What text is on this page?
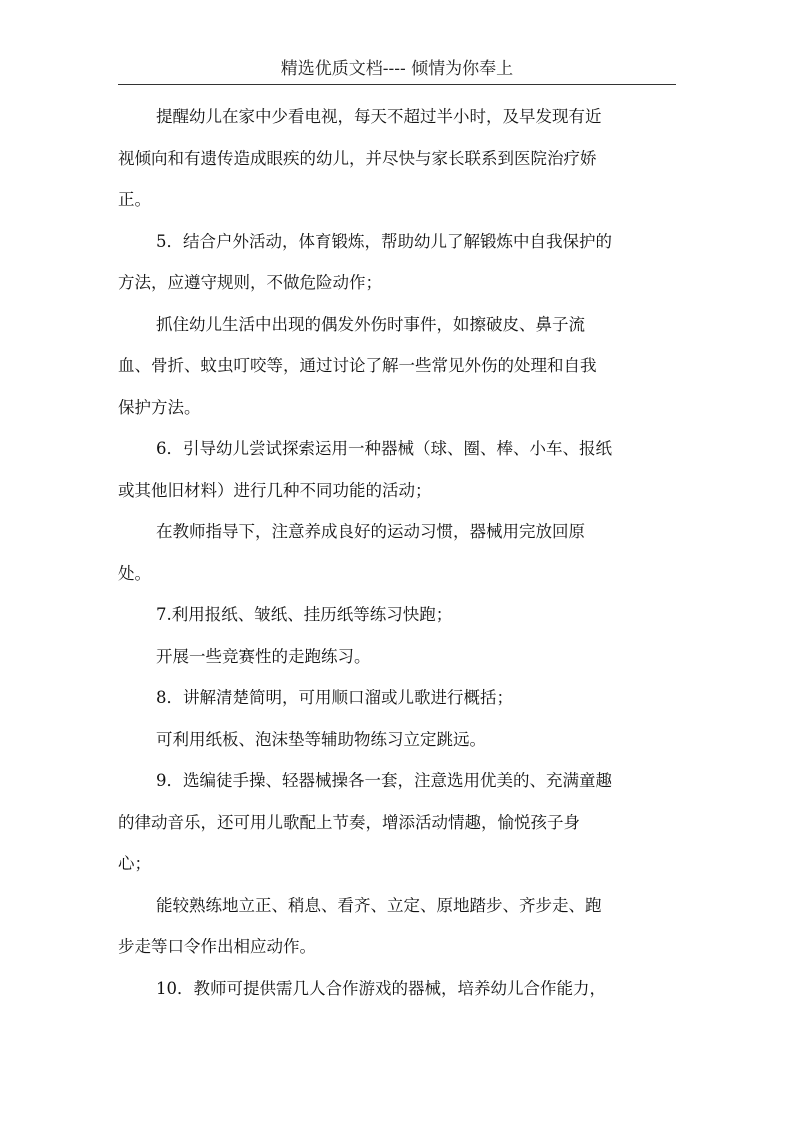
精选优质文档---- 倾情为你奉上
提醒幼儿在家中少看电视，每天不超过半小时，及早发现有近
视倾向和有遗传造成眼疾的幼儿，并尽快与家长联系到医院治疗娇
正。
5．结合户外活动，体育锻炼，帮助幼儿了解锻炼中自我保护的
方法，应遵守规则，不做危险动作；
抓住幼儿生活中出现的偶发外伤时事件，如擦破皮、鼻子流
血、骨折、蚊虫叮咬等，通过讨论了解一些常见外伤的处理和自我
保护方法。
6．引导幼儿尝试探索运用一种器械（球、圈、棒、小车、报纸
或其他旧材料）进行几种不同功能的活动；
在教师指导下，注意养成良好的运动习惯，器械用完放回原
处。
7.利用报纸、皱纸、挂历纸等练习快跑；
开展一些竞赛性的走跑练习。
8．讲解清楚简明，可用顺口溜或儿歌进行概括；
可利用纸板、泡沫垫等辅助物练习立定跳远。
9．选编徒手操、轻器械操各一套，注意选用优美的、充满童趣
的律动音乐，还可用儿歌配上节奏，增添活动情趣，愉悦孩子身
心；
能较熟练地立正、稍息、看齐、立定、原地踏步、齐步走、跑
步走等口令作出相应动作。
10．教师可提供需几人合作游戏的器械，培养幼儿合作能力，
